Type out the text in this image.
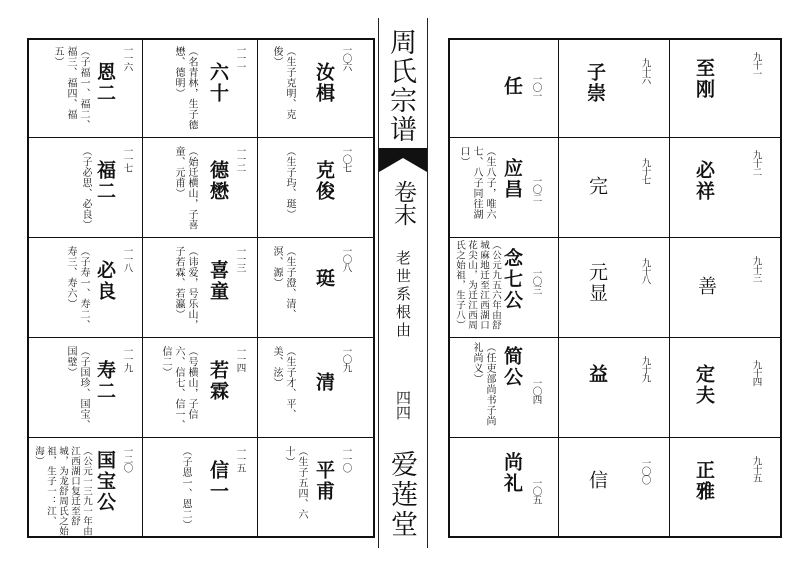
一〇六
汝楫
（生子克明、克俊）
一一一
六十
（名青林，生子德懋、德明）
一一六
恩二
（子福一、福二、福三、福四、福五）
一〇七
克俊
（生子玙、珽）
一一二
德懋
（始迁横山，子喜童、元甫）
一一七
福二
（子必思、必良）
一〇八
珽
（生子澄、清、溟、源）
一一三
喜童
（讳爱，号乐山，子若霖、若瀛）
一一八
必良
（子寿一、寿二、寿三、寿六）
一〇九
清
（生子才、平、美、泫）
一一四
若霖
（号横山，子信六、信七、信一、信二）
一一九
寿二
（子国珍、国宝、国璧）
一一〇
平甫
（生子五四、六十）
一一五
信一
（子恩一、恩二）
一二〇
国宝公
（公元一三九一年由江西湖口复迁至舒城，为龙舒周氏之始祖，生子一：江、海）
周氏宗谱
卷末
老世系根由
四四
爱莲堂
九十一
至刚
九十六
子崇
一〇一
任
九十二
必祥
九十七
完
一〇二
应昌
（生八子，唯六七、八子同往湖口）
九十三
善
九十八
元显
一〇三
念七公
（公元九五六年由舒城麻地迁至江西湖口花尖山，为迁江西周氏之始祖，生子八）
九十四
定夫
九十九
益
一〇四
简公
（任吏部尚书子尚礼尚义）
九十五
正雅
一〇〇
信
一〇五
尚礼
